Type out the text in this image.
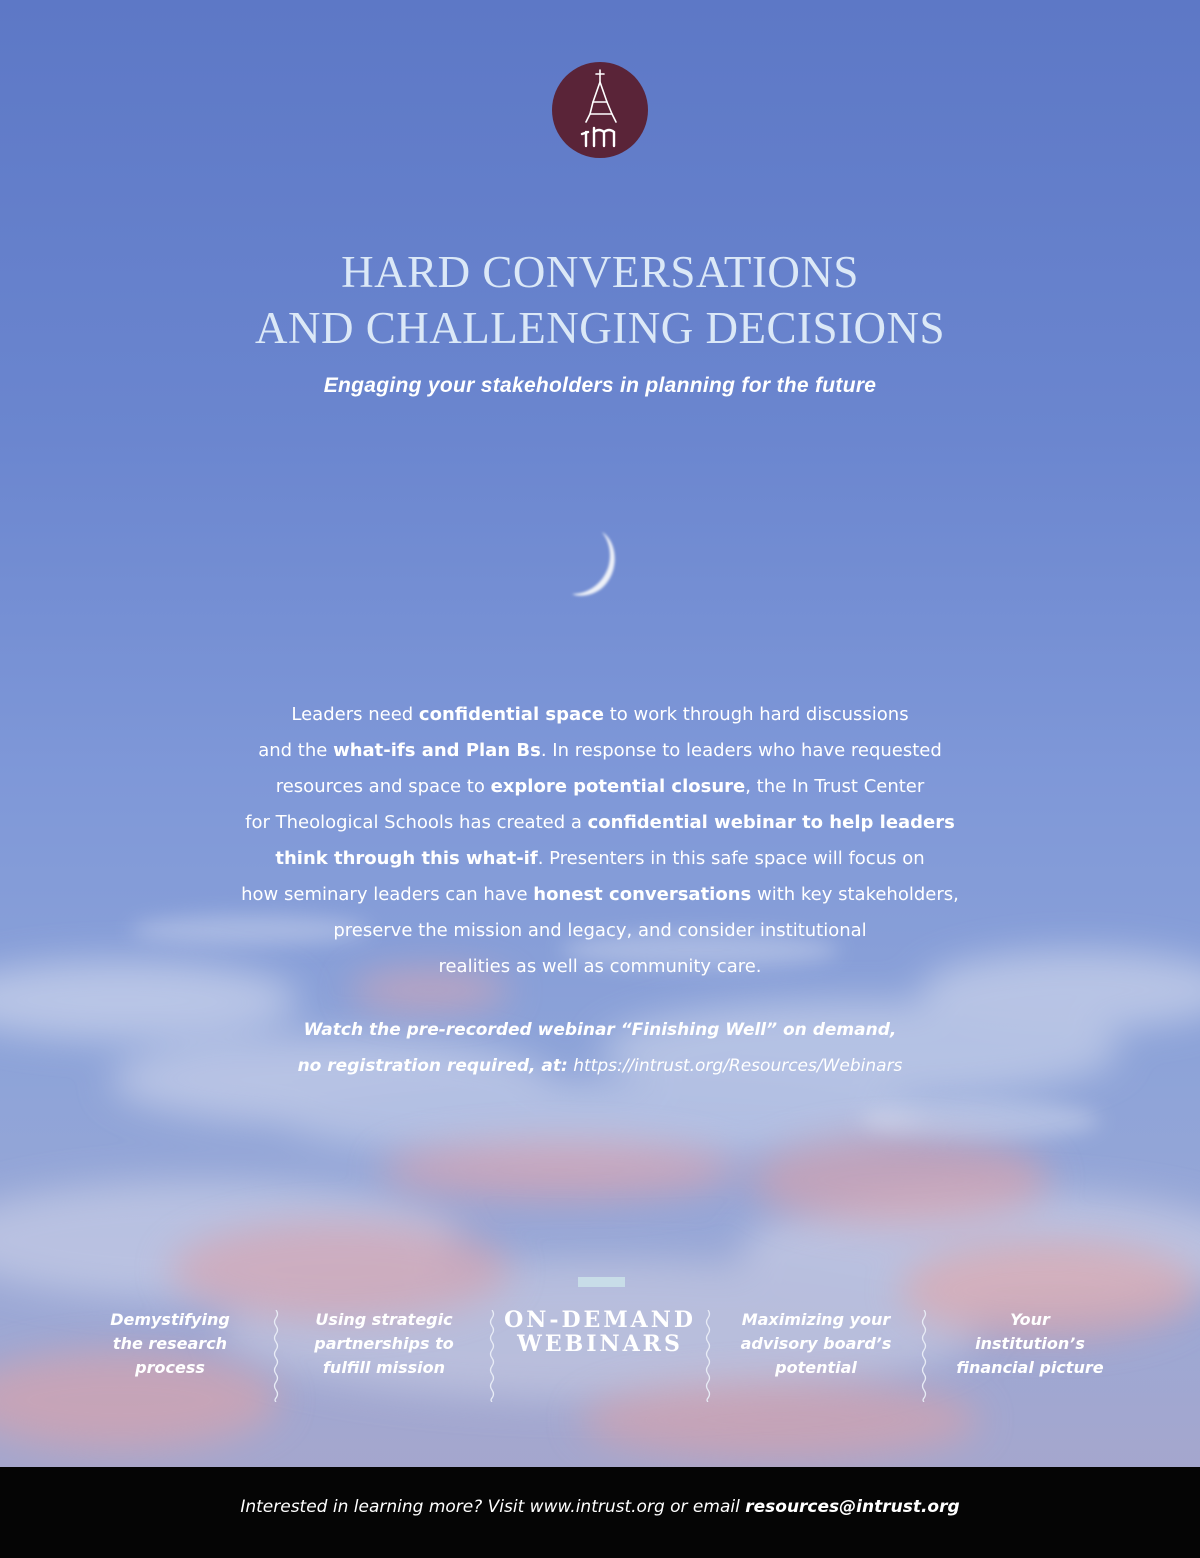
HARD CONVERSATIONS
AND CHALLENGING DECISIONS
Engaging your stakeholders in planning for the future
Leaders need confidential space to work through hard discussions
and the what-ifs and Plan Bs. In response to leaders who have requested
resources and space to explore potential closure, the In Trust Center
for Theological Schools has created a confidential webinar to help leaders
think through this what-if. Presenters in this safe space will focus on
how seminary leaders can have honest conversations with key stakeholders,
preserve the mission and legacy, and consider institutional
realities as well as community care.
Watch the pre-recorded webinar “Finishing Well” on demand,
no registration required, at: https://intrust.org/Resources/Webinars
Demystifying
the research
process
Using strategic
partnerships to
fulfill mission
ON-DEMAND
WEBINARS
Maximizing your
advisory board’s
potential
Your
institution’s
financial picture
Interested in learning more? Visit www.intrust.org or email resources@intrust.org
